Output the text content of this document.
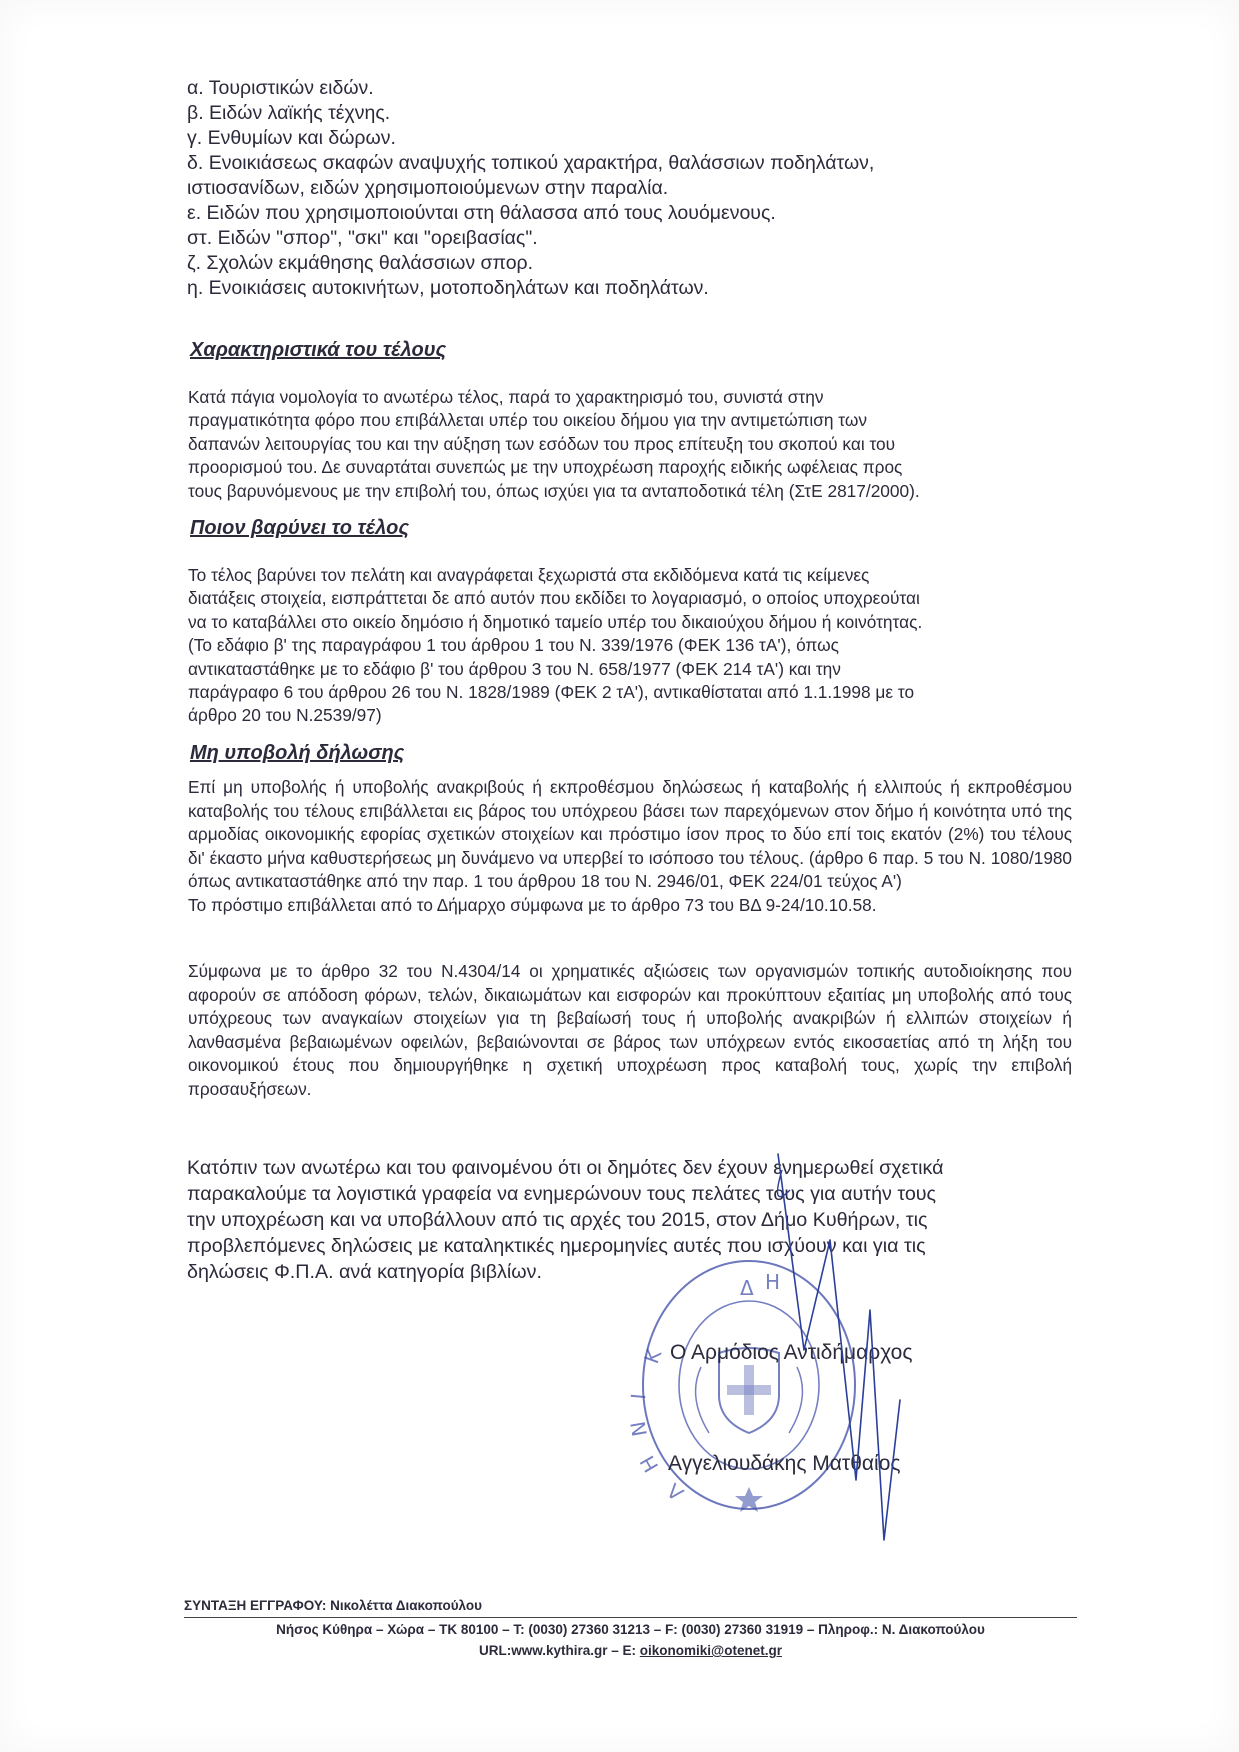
α. Τουριστικών ειδών.
β. Ειδών λαϊκής τέχνης.
γ. Ενθυμίων και δώρων.
δ. Ενοικιάσεως σκαφών αναψυχής τοπικού χαρακτήρα, θαλάσσιων ποδηλάτων,
ιστιοσανίδων, ειδών χρησιμοποιούμενων στην παραλία.
ε. Ειδών που χρησιμοποιούνται στη θάλασσα από τους λουόμενους.
στ. Ειδών "σπορ", "σκι" και "ορειβασίας".
ζ. Σχολών εκμάθησης θαλάσσιων σπορ.
η. Ενοικιάσεις αυτοκινήτων, μοτοποδηλάτων και ποδηλάτων.
Χαρακτηριστικά του τέλους
Κατά πάγια νομολογία το ανωτέρω τέλος, παρά το χαρακτηρισμό του, συνιστά στην
πραγματικότητα φόρο που επιβάλλεται υπέρ του οικείου δήμου για την αντιμετώπιση των
δαπανών λειτουργίας του και την αύξηση των εσόδων του προς επίτευξη του σκοπού και του
προορισμού του. Δε συναρτάται συνεπώς με την υποχρέωση παροχής ειδικής ωφέλειας προς
τους βαρυνόμενους με την επιβολή του, όπως ισχύει για τα ανταποδοτικά τέλη (ΣτΕ 2817/2000).
Ποιον βαρύνει το τέλος
Το τέλος βαρύνει τον πελάτη και αναγράφεται ξεχωριστά στα εκδιδόμενα κατά τις κείμενες
διατάξεις στοιχεία, εισπράττεται δε από αυτόν που εκδίδει το λογαριασμό, ο οποίος υποχρεούται
να το καταβάλλει στο οικείο δημόσιο ή δημοτικό ταμείο υπέρ του δικαιούχου δήμου ή κοινότητας.
(Το εδάφιο β' της παραγράφου 1 του άρθρου 1 του Ν. 339/1976 (ΦΕΚ 136 τΑ'), όπως
αντικαταστάθηκε με το εδάφιο β' του άρθρου 3 του Ν. 658/1977 (ΦΕΚ 214 τΑ') και την
παράγραφο 6 του άρθρου 26 του Ν. 1828/1989 (ΦΕΚ 2 τΑ'), αντικαθίσταται από 1.1.1998 με το
άρθρο 20 του Ν.2539/97)
Μη υποβολή δήλωσης
Επί μη υποβολής ή υποβολής ανακριβούς ή εκπροθέσμου δηλώσεως ή καταβολής ή ελλιπούς ή εκπροθέσμου καταβολής του τέλους επιβάλλεται εις βάρος του υπόχρεου βάσει των παρεχόμενων στον δήμο ή κοινότητα υπό της αρμοδίας οικονομικής εφορίας σχετικών στοιχείων και πρόστιμο ίσον προς το δύο επί τοις εκατόν (2%) του τέλους δι' έκαστο μήνα καθυστερήσεως μη δυνάμενο να υπερβεί το ισόποσο του τέλους. (άρθρο 6 παρ. 5 του Ν. 1080/1980 όπως αντικαταστάθηκε από την παρ. 1 του άρθρου 18 του Ν. 2946/01, ΦΕΚ 224/01 τεύχος Α')
Το πρόστιμο επιβάλλεται από το Δήμαρχο σύμφωνα με το άρθρο 73 του ΒΔ 9-24/10.10.58.
Σύμφωνα με το άρθρο 32 του Ν.4304/14 οι χρηματικές αξιώσεις των οργανισμών τοπικής αυτοδιοίκησης που αφορούν σε απόδοση φόρων, τελών, δικαιωμάτων και εισφορών και προκύπτουν εξαιτίας μη υποβολής από τους υπόχρεους των αναγκαίων στοιχείων για τη βεβαίωσή τους ή υποβολής ανακριβών ή ελλιπών στοιχείων ή λανθασμένα βεβαιωμένων οφειλών, βεβαιώνονται σε βάρος των υπόχρεων εντός εικοσαετίας από τη λήξη του οικονομικού έτους που δημιουργήθηκε η σχετική υποχρέωση προς καταβολή τους, χωρίς την επιβολή προσαυξήσεων.
Κατόπιν των ανωτέρω και του φαινομένου ότι οι δημότες δεν έχουν ενημερωθεί σχετικά
παρακαλούμε τα λογιστικά γραφεία να ενημερώνουν τους πελάτες τους για αυτήν τους
την υποχρέωση και να υποβάλλουν από τις αρχές του 2015, στον Δήμο Κυθήρων, τις
προβλεπόμενες δηλώσεις με καταληκτικές ημερομηνίες αυτές που ισχύουν και για τις
δηλώσεις Φ.Π.Α. ανά κατηγορία βιβλίων.
Δ Η
Κ
Ι
Ν
Η
Λ
Ο Αρμόδιος Αντιδήμαρχος
Αγγελιουδάκης Ματθαίος
ΣΥΝΤΑΞΗ ΕΓΓΡΑΦΟΥ: Νικολέττα Διακοπούλου
Νήσος Κύθηρα – Χώρα – ΤΚ 80100 – Τ: (0030) 27360 31213 – F: (0030) 27360 31919 – Πληροφ.: Ν. Διακοπούλου
URL:www.kythira.gr – E: oikonomiki@otenet.gr
